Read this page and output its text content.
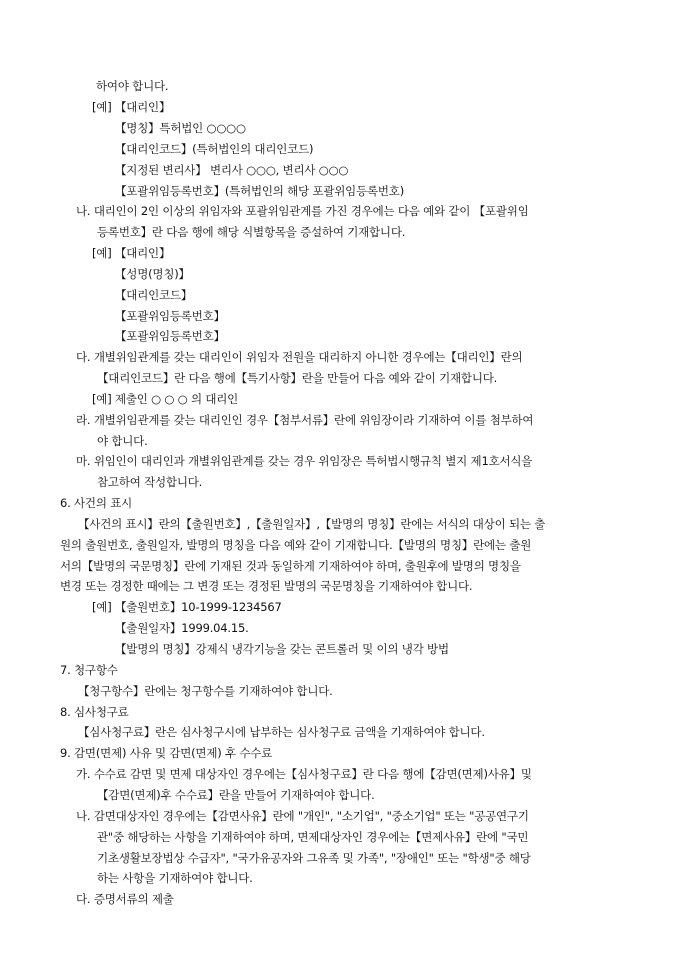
하여야 합니다.
[예] 【대리인】
【명칭】특허법인 ○○○○
【대리인코드】(특허법인의 대리인코드)
【지정된 변리사】 변리사 ○○○, 변리사 ○○○
【포괄위임등록번호】(특허법인의 해당 포괄위임등록번호)
나. 대리인이 2인 이상의 위임자와 포괄위임관계를 가진 경우에는 다음 예와 같이 【포괄위임
등록번호】란 다음 행에 해당 식별항목을 증설하여 기재합니다.
[예] 【대리인】
【성명(명칭)】
【대리인코드】
【포괄위임등록번호】
【포괄위임등록번호】
다. 개별위임관계를 갖는 대리인이 위임자 전원을 대리하지 아니한 경우에는【대리인】란의
【대리인코드】란 다음 행에【특기사항】란을 만들어 다음 예와 같이 기재합니다.
[예] 제출인 ○ ○ ○ 의 대리인
라. 개별위임관계를 갖는 대리인인 경우【첨부서류】란에 위임장이라 기재하여 이를 첨부하여
야 합니다.
마. 위임인이 대리인과 개별위임관계를 갖는 경우 위임장은 특허법시행규칙 별지 제1호서식을
참고하여 작성합니다.
6. 사건의 표시
【사건의 표시】란의【출원번호】,【출원일자】,【발명의 명칭】란에는 서식의 대상이 되는 출
원의 출원번호, 출원일자, 발명의 명칭을 다음 예와 같이 기재합니다.【발명의 명칭】란에는 출원
서의【발명의 국문명칭】란에 기재된 것과 동일하게 기재하여야 하며, 출원후에 발명의 명칭을
변경 또는 경정한 때에는 그 변경 또는 경정된 발명의 국문명칭을 기재하여야 합니다.
[예] 【출원번호】10-1999-1234567
【출원일자】1999.04.15.
【발명의 명칭】강제식 냉각기능을 갖는 콘트롤러 및 이의 냉각 방법
7. 청구항수
【청구항수】란에는 청구항수를 기재하여야 합니다.
8. 심사청구료
【심사청구료】란은 심사청구시에 납부하는 심사청구료 금액을 기재하여야 합니다.
9. 감면(면제) 사유 및 감면(면제) 후 수수료
가. 수수료 감면 및 면제 대상자인 경우에는【심사청구료】란 다음 행에【감면(면제)사유】및
【감면(면제)후 수수료】란을 만들어 기재하여야 합니다.
나. 감면대상자인 경우에는【감면사유】란에 "개인", "소기업", "중소기업" 또는 "공공연구기
관"중 해당하는 사항을 기재하여야 하며, 면제대상자인 경우에는【면제사유】란에 "국민
기초생활보장법상 수급자", "국가유공자와 그유족 및 가족", "장애인" 또는 "학생"중 해당
하는 사항을 기재하여야 합니다.
다. 증명서류의 제출
